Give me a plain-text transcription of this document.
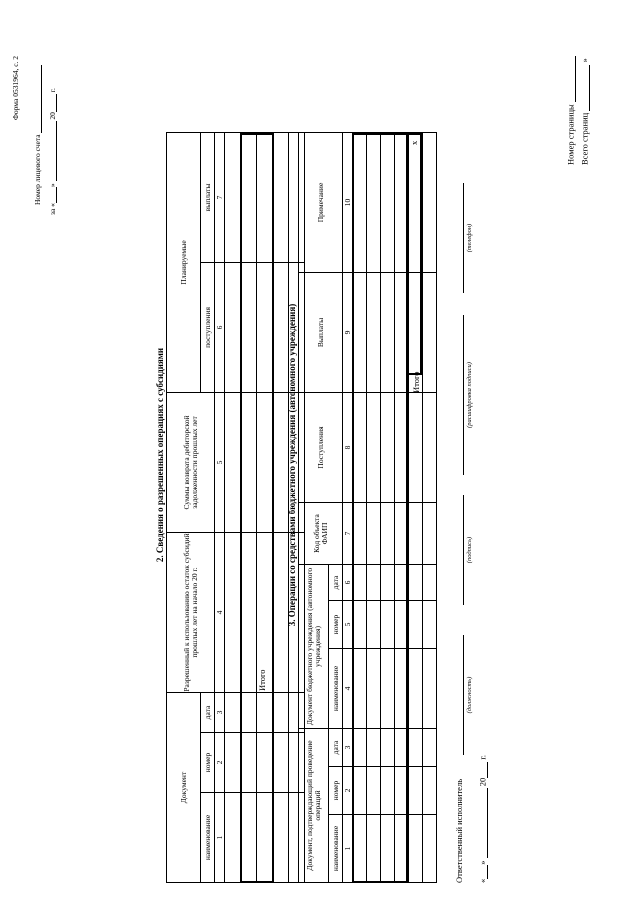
Форма 0531964, с. 2
Номер лицевого счета
за «»  20 г.
2. Сведения о разрешенных операциях с субсидиями
Документ			Разрешенный к использованию остаток субсидий прошлых лет на начало 20 г.	Суммы возврата дебиторской задолженности прошлых лет	Планируемые	
наименование	номер	дата			поступления	выплаты
1	2	3	4	5	6	7

Итого
3. Операции со средствами бюджетного учреждения (автономного учреждения)
Документ, подтверждающий проведение операций			Документ бюджетного учреждения (автономного учреждения)			Код объекта ФАИП	Поступления	Выплаты	Примечание
наименование	номер	дата	наименование	номер	дата				
1	2	3	4	5	6	7	8	9	10

Итого
х
Ответственный исполнитель
(должность)
(подпись)
(расшифровка подписи)
(телефон)
«»  20 г.
Номер страницы Всего страниц  »
